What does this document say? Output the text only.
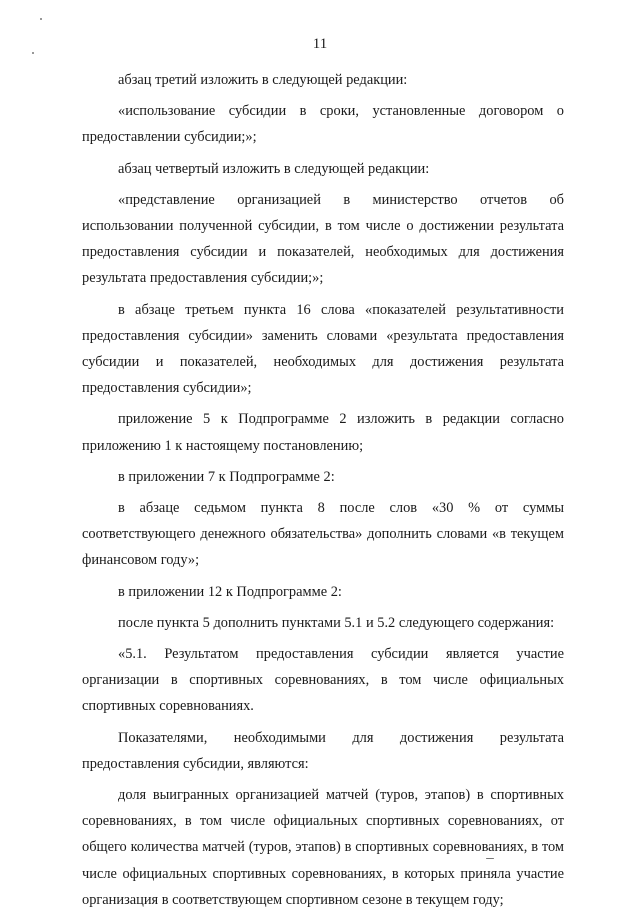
11

абзац третий изложить в следующей редакции:

«использование субсидии в сроки, установленные договором о предоставлении субсидии;»;

абзац четвертый изложить в следующей редакции:

«представление организацией в министерство отчетов об использовании полученной субсидии, в том числе о достижении результата предоставления субсидии и показателей, необходимых для достижения результата предоставления субсидии;»;

в абзаце третьем пункта 16 слова «показателей результативности предоставления субсидии» заменить словами «результата предоставления субсидии и показателей, необходимых для достижения результата предоставления субсидии»;

приложение 5 к Подпрограмме 2 изложить в редакции согласно приложению 1 к настоящему постановлению;

в приложении 7 к Подпрограмме 2:

в абзаце седьмом пункта 8 после слов «30 % от суммы соответствующего денежного обязательства» дополнить словами «в текущем финансовом году»;

в приложении 12 к Подпрограмме 2:

после пункта 5 дополнить пунктами 5.1 и 5.2 следующего содержания:

«5.1. Результатом предоставления субсидии является участие организации в спортивных соревнованиях, в том числе официальных спортивных соревнованиях.

Показателями, необходимыми для достижения результата предоставления субсидии, являются:

доля выигранных организацией матчей (туров, этапов) в спортивных соревнованиях, в том числе официальных спортивных соревнованиях, от общего количества матчей (туров, этапов) в спортивных соревнованиях, в том числе официальных спортивных соревнованиях, в которых приняла участие организация в соответствующем спортивном сезоне в текущем году;
